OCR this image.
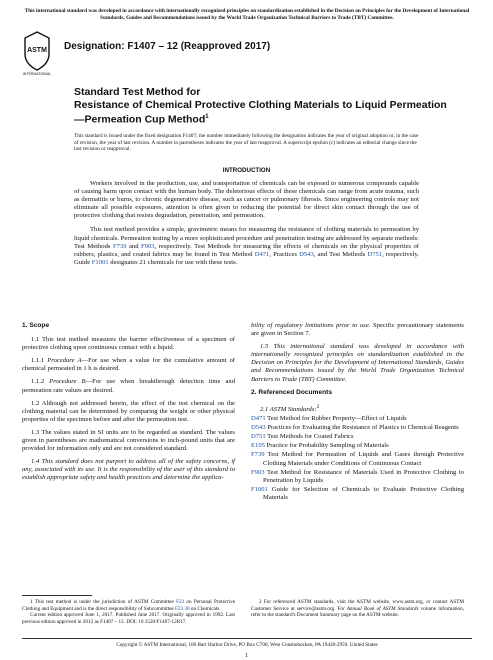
This international standard was developed in accordance with internationally recognized principles on standardization established in the Decision on Principles for the Development of International Standards, Guides and Recommendations issued by the World Trade Organization Technical Barriers to Trade (TBT) Committee.
ASTM
INTERNATIONAL
Designation: F1407 – 12 (Reapproved 2017)
Standard Test Method for
Resistance of Chemical Protective Clothing Materials to Liquid Permeation—Permeation Cup Method$^1$
This standard is issued under the fixed designation F1407; the number immediately following the designation indicates the year of original adoption or, in the case of revision, the year of last revision. A number in parentheses indicates the year of last reapproval. A superscript epsilon (ε) indicates an editorial change since the last revision or reapproval.
INTRODUCTION

Workers involved in the production, use, and transportation of chemicals can be exposed to numerous compounds capable of causing harm upon contact with the human body. The deleterious effects of these chemicals can range from acute trauma, such as dermatitis or burns, to chronic degenerative disease, such as cancer or pulmonary fibrosis. Since engineering controls may not eliminate all possible exposures, attention is often given to reducing the potential for direct skin contact through the use of protective clothing that resists degradation, penetration, and permeation.

This test method provides a simple, gravimetric means for measuring the resistance of clothing materials to permeation by liquid chemicals. Permeation testing by a more sophisticated procedure and penetration testing are addressed by separate methods: Test Methods F739 and F903, respectively. Test Methods for measuring the effects of chemicals on the physical properties of rubbers, plastics, and coated fabrics may be found in Test Method D471, Practices D543, and Test Methods D751, respectively. Guide F1001 designates 21 chemicals for use with these tests.

1. Scope

1.1 This test method measures the barrier effectiveness of a specimen of protective clothing upon continuous contact with a liquid.

1.1.1 Procedure A—For use when a value for the cumulative amount of chemical permeated in 1 h is desired.

1.1.2 Procedure B—For use when breakthrough detection time and permeation rate values are desired.

1.2 Although not addressed herein, the effect of the test chemical on the clothing material can be determined by comparing the weight or other physical properties of the specimen before and after the permeation test.

1.3 The values stated in SI units are to be regarded as standard. The values given in parentheses are mathematical conversions to inch-pound units that are provided for information only and are not considered standard.

1.4 This standard does not purport to address all of the safety concerns, if any, associated with its use. It is the responsibility of the user of this standard to establish appropriate safety and health practices and determine the applica-

bility of regulatory limitations prior to use. Specific precautionary statements are given in Section 7.

1.5 This international standard was developed in accordance with internationally recognized principles on standardization established in the Decision on Principles for the Development of International Standards, Guides and Recommendations issued by the World Trade Organization Technical Barriers to Trade (TBT) Committee.

2. Referenced Documents

2.1 ASTM Standards:$^2$

D471 Test Method for Rubber Property—Effect of Liquids
D543 Practices for Evaluating the Resistance of Plastics to Chemical Reagents
D751 Test Methods for Coated Fabrics
E105 Practice for Probability Sampling of Materials
F739 Test Method for Permeation of Liquids and Gases through Protective Clothing Materials under Conditions of Continuous Contact
F903 Test Method for Resistance of Materials Used in Protective Clothing to Penetration by Liquids
F1001 Guide for Selection of Chemicals to Evaluate Protective Clothing Materials
1 This test method is under the jurisdiction of ASTM Committee F23 on Personal Protective Clothing and Equipment and is the direct responsibility of Subcommittee F23.30 on Chemicals.
Current edition approved June 1, 2017. Published June 2017. Originally approved in 1992. Last previous edition approved in 2012 as F1407 – 12. DOI: 10.1520/F1407-12R17.
2 For referenced ASTM standards, visit the ASTM website, www.astm.org, or contact ASTM Customer Service at service@astm.org. For Annual Book of ASTM Standards volume information, refer to the standard's Document Summary page on the ASTM website.
Copyright © ASTM International, 100 Barr Harbor Drive, PO Box C700, West Conshohocken, PA 19428-2959. United States
1
